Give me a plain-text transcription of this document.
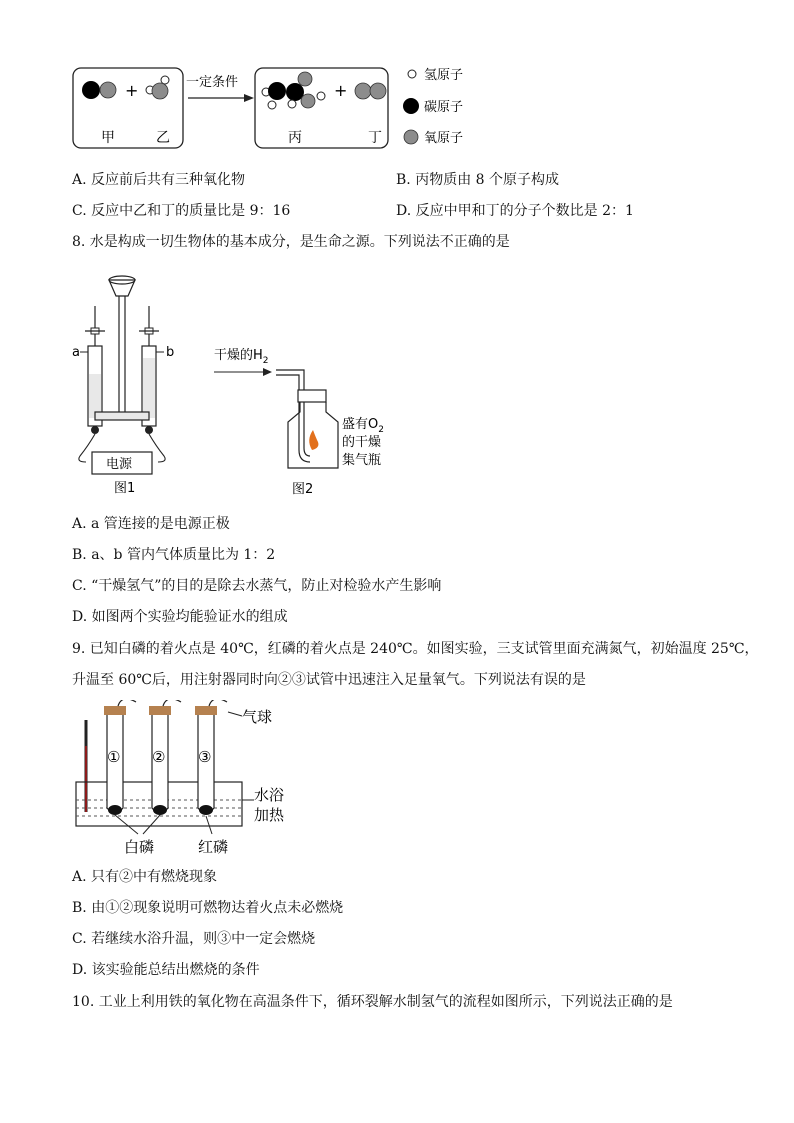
+
甲	乙
一定条件	+
丙	丁
氢原子
碳原子
氧原子
A. 反应前后共有三种氧化物	B. 丙物质由 8 个原子构成
C. 反应中乙和丁的质量比是 9：16	D. 反应中甲和丁的分子个数比是 2：1
8. 水是构成一切生物体的基本成分，是生命之源。下列说法不正确的是
电源
a	b
图1
干燥的$H_2$
盛有$O_2$
的干燥
集气瓶
图2
A. a 管连接的是电源正极
B. a、b 管内气体质量比为 1：2
C. “干燥氢气”的目的是除去水蒸气，防止对检验水产生影响
D. 如图两个实验均能验证水的组成
9. 已知白磷的着火点是 40℃，红磷的着火点是 240℃。如图实验，三支试管里面充满氮气，初始温度 25℃，
升温至 60℃后，用注射器同时向②③试管中迅速注入足量氧气。下列说法有误的是
① ② ③
气球
水浴
加热
白磷	红磷
A. 只有②中有燃烧现象
B. 由①②现象说明可燃物达着火点未必燃烧
C. 若继续水浴升温，则③中一定会燃烧
D. 该实验能总结出燃烧的条件
10. 工业上利用铁的氧化物在高温条件下，循环裂解水制氢气的流程如图所示，下列说法正确的是
